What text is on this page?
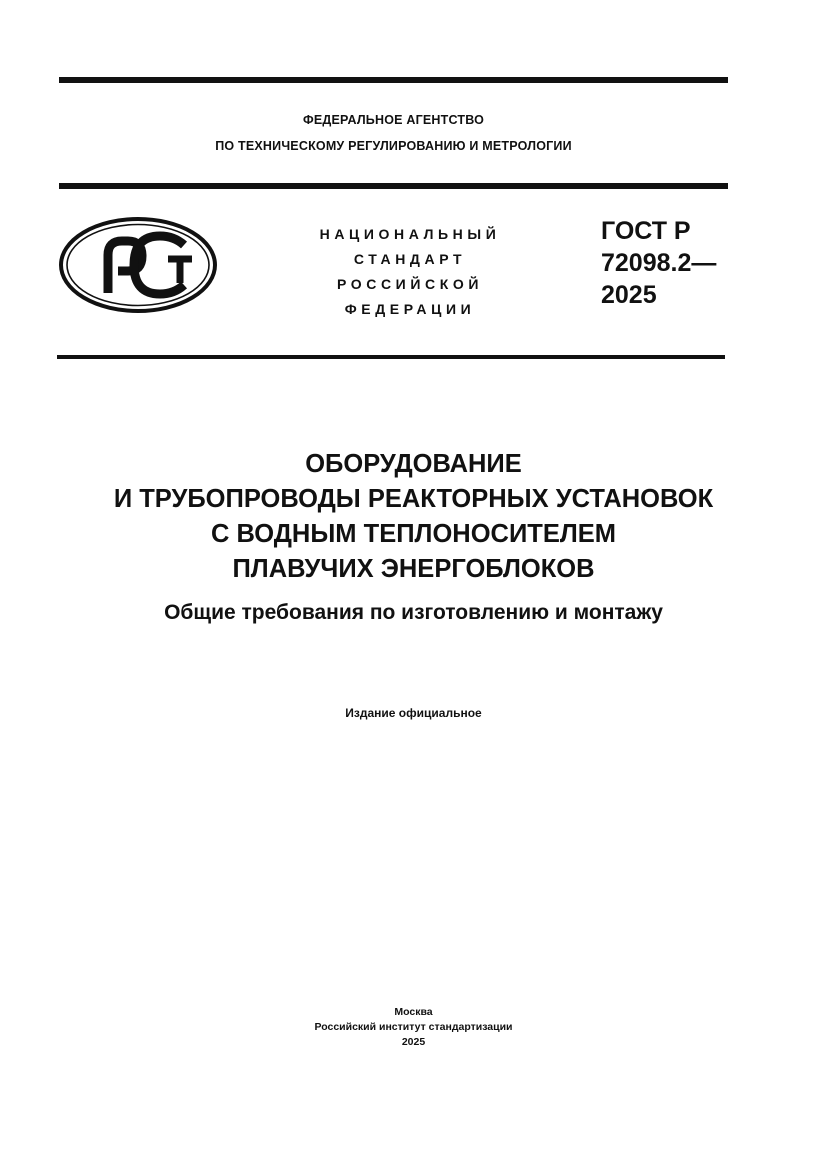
ФЕДЕРАЛЬНОЕ АГЕНТСТВО
ПО ТЕХНИЧЕСКОМУ РЕГУЛИРОВАНИЮ И МЕТРОЛОГИИ
НАЦИОНАЛЬНЫЙ
СТАНДАРТ
РОССИЙСКОЙ
ФЕДЕРАЦИИ
ГОСТ Р
72098.2—
2025
ОБОРУДОВАНИЕ
И ТРУБОПРОВОДЫ РЕАКТОРНЫХ УСТАНОВОК
С ВОДНЫМ ТЕПЛОНОСИТЕЛЕМ
ПЛАВУЧИХ ЭНЕРГОБЛОКОВ
Общие требования по изготовлению и монтажу
Издание официальное
Москва
Российский институт стандартизации
2025
